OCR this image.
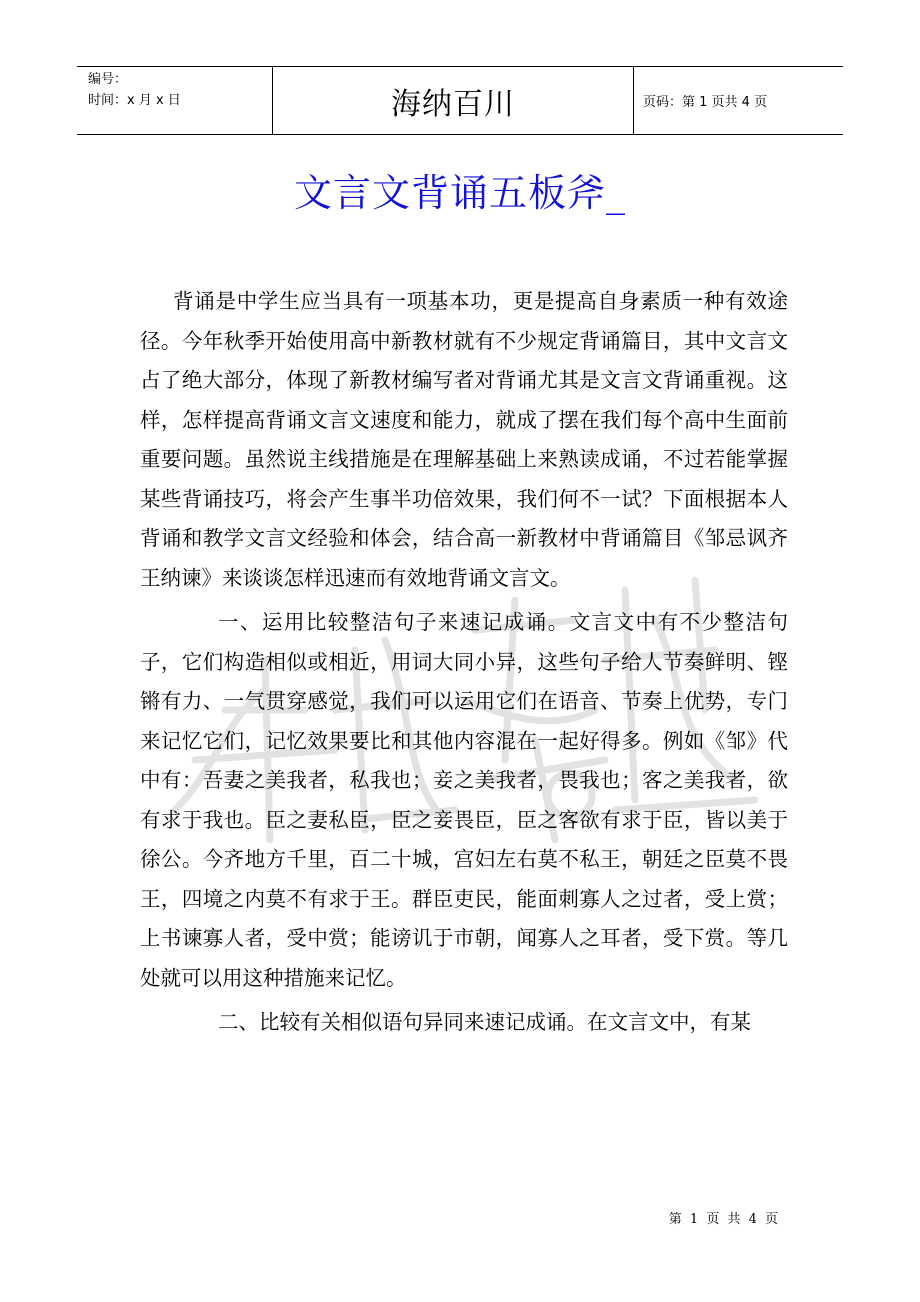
编号：
时间：x 月 x 日	海纳百川	页码：第 1 页共 4 页
文言文背诵五板斧_

背诵是中学生应当具有一项基本功，更是提高自身素质一种有效途径。今年秋季开始使用高中新教材就有不少规定背诵篇目，其中文言文占了绝大部分，体现了新教材编写者对背诵尤其是文言文背诵重视。这样，怎样提高背诵文言文速度和能力，就成了摆在我们每个高中生面前重要问题。虽然说主线措施是在理解基础上来熟读成诵，不过若能掌握某些背诵技巧，将会产生事半功倍效果，我们何不一试？下面根据本人背诵和教学文言文经验和体会，结合高一新教材中背诵篇目《邹忌讽齐王纳谏》来谈谈怎样迅速而有效地背诵文言文。

一、运用比较整洁句子来速记成诵。文言文中有不少整洁句子，它们构造相似或相近，用词大同小异，这些句子给人节奏鲜明、铿锵有力、一气贯穿感觉，我们可以运用它们在语音、节奏上优势，专门来记忆它们，记忆效果要比和其他内容混在一起好得多。例如《邹》代中有：吾妻之美我者，私我也；妾之美我者，畏我也；客之美我者，欲有求于我也。臣之妻私臣，臣之妾畏臣，臣之客欲有求于臣，皆以美于徐公。今齐地方千里，百二十城，宫妇左右莫不私王，朝廷之臣莫不畏王，四境之内莫不有求于王。群臣吏民，能面刺寡人之过者，受上赏；上书谏寡人者，受中赏；能谤讥于市朝，闻寡人之耳者，受下赏。等几处就可以用这种措施来记忆。

二、比较有关相似语句异同来速记成诵。在文言文中，有某

第 1 页 共 4 页
